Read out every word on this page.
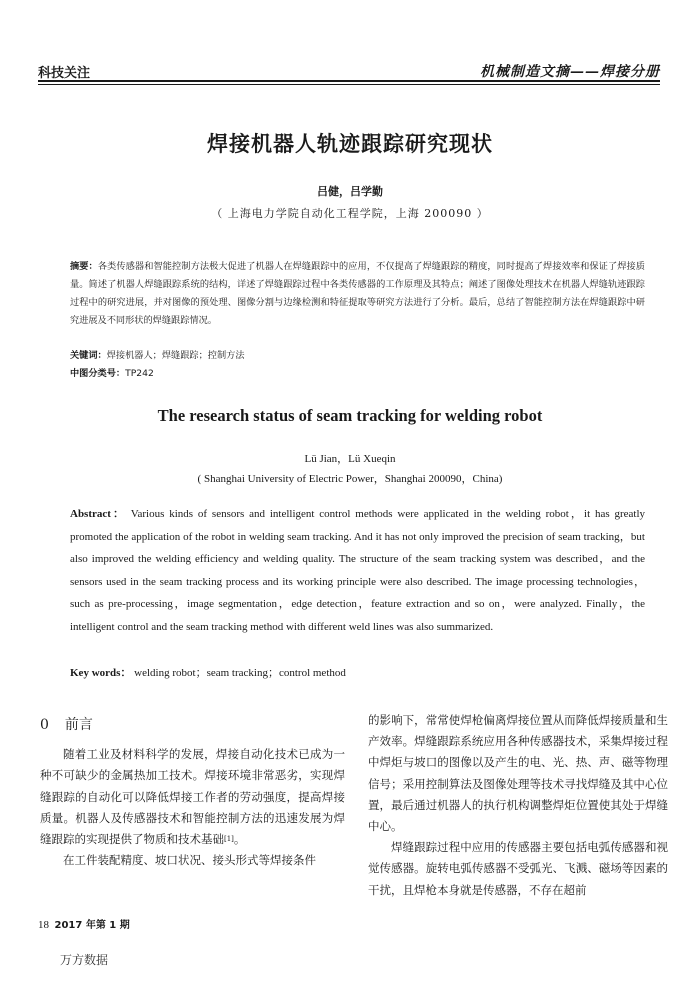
科技关注	机械制造文摘——焊接分册
焊接机器人轨迹跟踪研究现状
吕健，吕学勤
（ 上海电力学院自动化工程学院，上海 200090 ）
摘要：各类传感器和智能控制方法极大促进了机器人在焊缝跟踪中的应用，不仅提高了焊缝跟踪的精度，同时提高了焊接效率和保证了焊接质量。简述了机器人焊缝跟踪系统的结构，详述了焊缝跟踪过程中各类传感器的工作原理及其特点；阐述了图像处理技术在机器人焊缝轨迹跟踪过程中的研究进展，并对图像的预处理、图像分割与边缘检测和特征提取等研究方法进行了分析。最后，总结了智能控制方法在焊缝跟踪中研究进展及不同形状的焊缝跟踪情况。
关键词：焊接机器人；焊缝跟踪；控制方法
中图分类号：TP242
The research status of seam tracking for welding robot
Lü Jian，Lü Xueqin
( Shanghai University of Electric Power，Shanghai 200090，China)
Abstract： Various kinds of sensors and intelligent control methods were applicated in the welding robot，it has greatly promoted the application of the robot in welding seam tracking. And it has not only improved the precision of seam tracking，but also improved the welding efficiency and welding quality. The structure of the seam tracking system was described，and the sensors used in the seam tracking process and its working principle were also described. The image processing technologies，such as pre-processing，image segmentation，edge detection，feature extraction and so on，were analyzed. Finally，the intelligent control and the seam tracking method with different weld lines was also summarized.
Key words： welding robot；seam tracking；control method
0 前言

随着工业及材料科学的发展，焊接自动化技术已成为一种不可缺少的金属热加工技术。焊接环境非常恶劣，实现焊缝跟踪的自动化可以降低焊接工作者的劳动强度，提高焊接质量。机器人及传感器技术和智能控制方法的迅速发展为焊缝跟踪的实现提供了物质和技术基础[1]。

在工件装配精度、坡口状况、接头形式等焊接条件

的影响下，常常使焊枪偏离焊接位置从而降低焊接质量和生产效率。焊缝跟踪系统应用各种传感器技术，采集焊接过程中焊炬与坡口的图像以及产生的电、光、热、声、磁等物理信号；采用控制算法及图像处理等技术寻找焊缝及其中心位置，最后通过机器人的执行机构调整焊炬位置使其处于焊缝中心。

焊缝跟踪过程中应用的传感器主要包括电弧传感器和视觉传感器。旋转电弧传感器不受弧光、飞溅、磁场等因素的干扰，且焊枪本身就是传感器，不存在超前

18 2017 年第 1 期
万方数据
